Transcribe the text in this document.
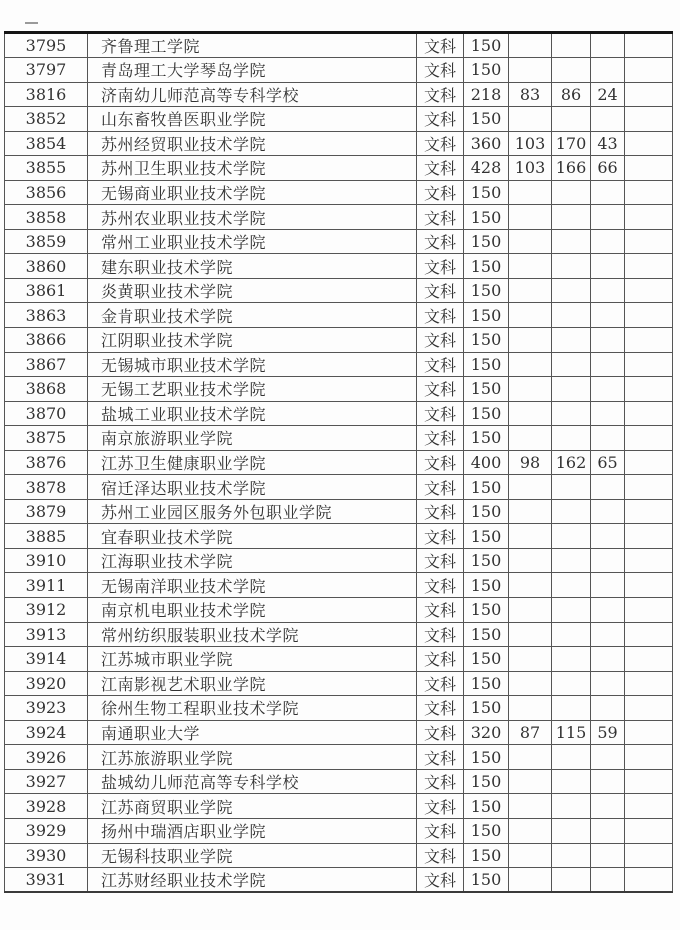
3795	齐鲁理工学院	文科	150				
3797	青岛理工大学琴岛学院	文科	150				
3816	济南幼儿师范高等专科学校	文科	218	83	86	24	
3852	山东畜牧兽医职业学院	文科	150				
3854	苏州经贸职业技术学院	文科	360	103	170	43	
3855	苏州卫生职业技术学院	文科	428	103	166	66	
3856	无锡商业职业技术学院	文科	150				
3858	苏州农业职业技术学院	文科	150				
3859	常州工业职业技术学院	文科	150				
3860	建东职业技术学院	文科	150				
3861	炎黄职业技术学院	文科	150				
3863	金肯职业技术学院	文科	150				
3866	江阴职业技术学院	文科	150				
3867	无锡城市职业技术学院	文科	150				
3868	无锡工艺职业技术学院	文科	150				
3870	盐城工业职业技术学院	文科	150				
3875	南京旅游职业学院	文科	150				
3876	江苏卫生健康职业学院	文科	400	98	162	65	
3878	宿迁泽达职业技术学院	文科	150				
3879	苏州工业园区服务外包职业学院	文科	150				
3885	宜春职业技术学院	文科	150				
3910	江海职业技术学院	文科	150				
3911	无锡南洋职业技术学院	文科	150				
3912	南京机电职业技术学院	文科	150				
3913	常州纺织服装职业技术学院	文科	150				
3914	江苏城市职业学院	文科	150				
3920	江南影视艺术职业学院	文科	150				
3923	徐州生物工程职业技术学院	文科	150				
3924	南通职业大学	文科	320	87	115	59	
3926	江苏旅游职业学院	文科	150				
3927	盐城幼儿师范高等专科学校	文科	150				
3928	江苏商贸职业学院	文科	150				
3929	扬州中瑞酒店职业学院	文科	150				
3930	无锡科技职业学院	文科	150				
3931	江苏财经职业技术学院	文科	150				
